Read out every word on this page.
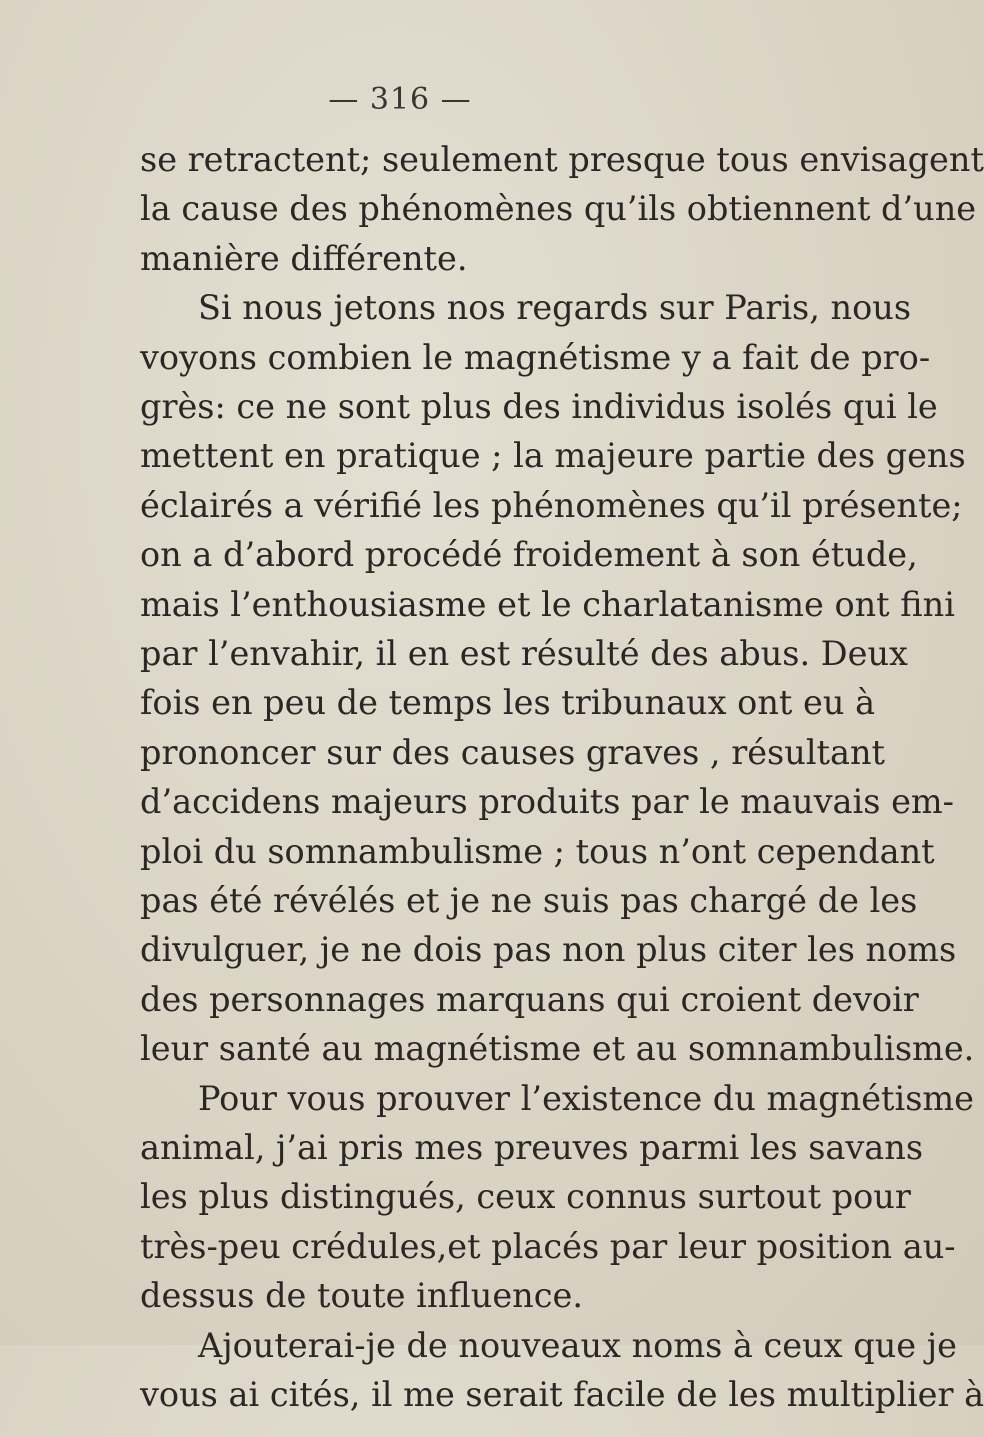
— 316 —
se retractent; seulement presque tous envisagent
la cause des phénomènes qu’ils obtiennent d’une
manière différente.
Si nous jetons nos regards sur Paris, nous
voyons combien le magnétisme y a fait de pro-
grès: ce ne sont plus des individus isolés qui le
mettent en pratique ; la majeure partie des gens
éclairés a vérifié les phénomènes qu’il présente;
on a d’abord procédé froidement à son étude,
mais l’enthousiasme et le charlatanisme ont fini
par l’envahir, il en est résulté des abus. Deux
fois en peu de temps les tribunaux ont eu à
prononcer sur des causes graves , résultant
d’accidens majeurs produits par le mauvais em-
ploi du somnambulisme ; tous n’ont cependant
pas été révélés et je ne suis pas chargé de les
divulguer, je ne dois pas non plus citer les noms
des personnages marquans qui croient devoir
leur santé au magnétisme et au somnambulisme.
Pour vous prouver l’existence du magnétisme
animal, j’ai pris mes preuves parmi les savans
les plus distingués, ceux connus surtout pour
très-peu crédules,et placés par leur position au-
dessus de toute influence.
Ajouterai-je de nouveaux noms à ceux que je
vous ai cités, il me serait facile de les multiplier à
